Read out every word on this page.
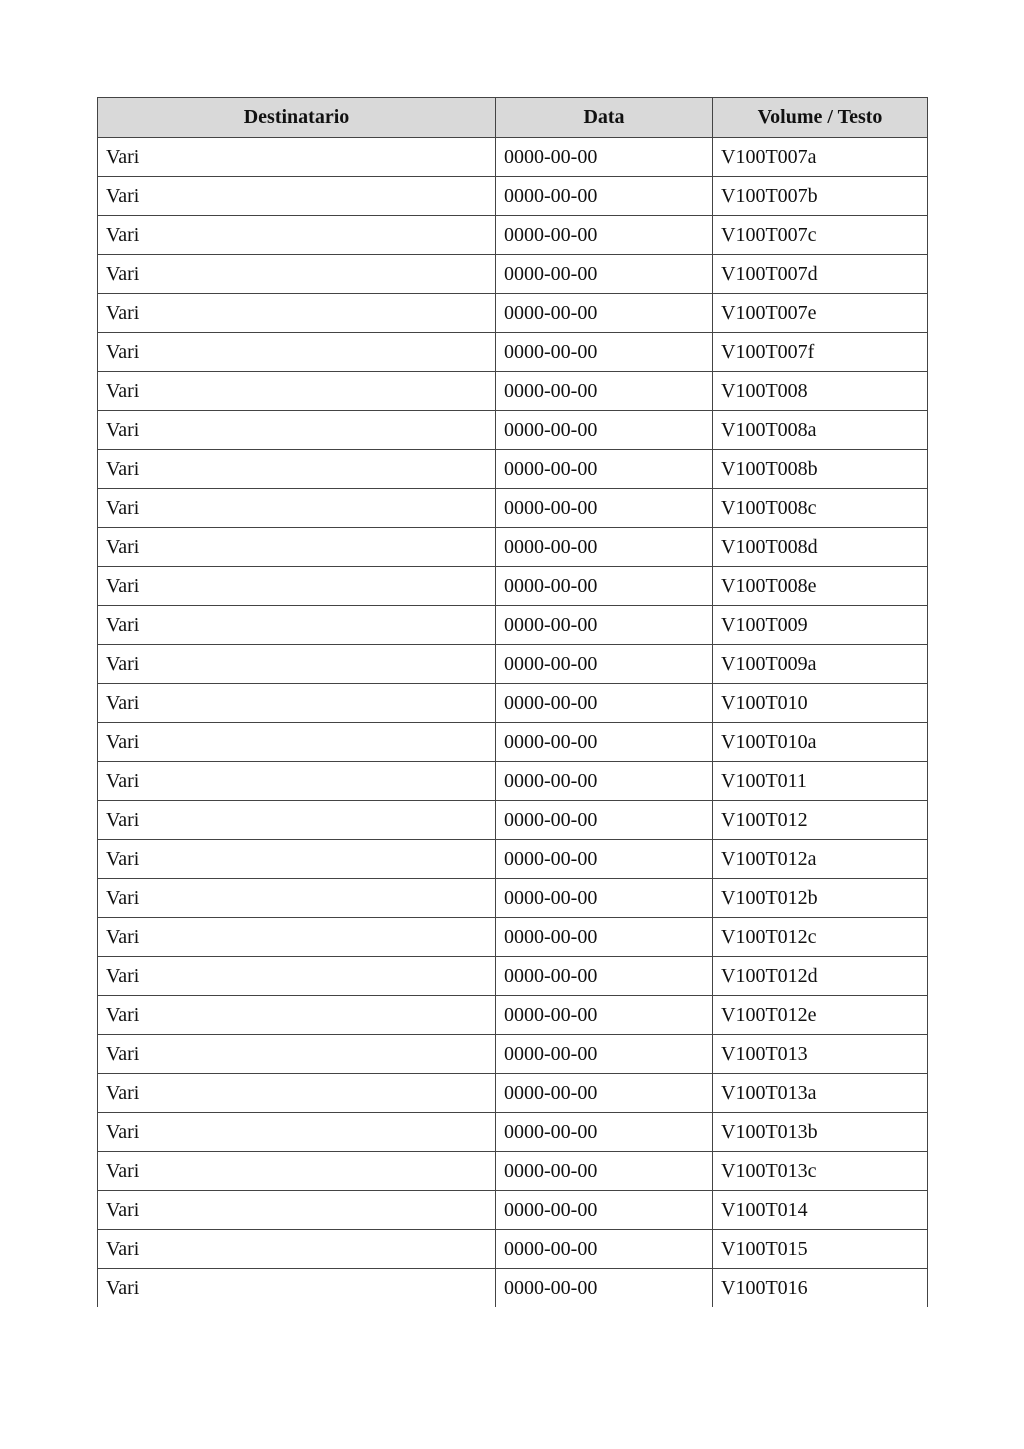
Destinatario	Data	Volume / Testo
Vari	0000-00-00	V100T007a
Vari	0000-00-00	V100T007b
Vari	0000-00-00	V100T007c
Vari	0000-00-00	V100T007d
Vari	0000-00-00	V100T007e
Vari	0000-00-00	V100T007f
Vari	0000-00-00	V100T008
Vari	0000-00-00	V100T008a
Vari	0000-00-00	V100T008b
Vari	0000-00-00	V100T008c
Vari	0000-00-00	V100T008d
Vari	0000-00-00	V100T008e
Vari	0000-00-00	V100T009
Vari	0000-00-00	V100T009a
Vari	0000-00-00	V100T010
Vari	0000-00-00	V100T010a
Vari	0000-00-00	V100T011
Vari	0000-00-00	V100T012
Vari	0000-00-00	V100T012a
Vari	0000-00-00	V100T012b
Vari	0000-00-00	V100T012c
Vari	0000-00-00	V100T012d
Vari	0000-00-00	V100T012e
Vari	0000-00-00	V100T013
Vari	0000-00-00	V100T013a
Vari	0000-00-00	V100T013b
Vari	0000-00-00	V100T013c
Vari	0000-00-00	V100T014
Vari	0000-00-00	V100T015
Vari	0000-00-00	V100T016
